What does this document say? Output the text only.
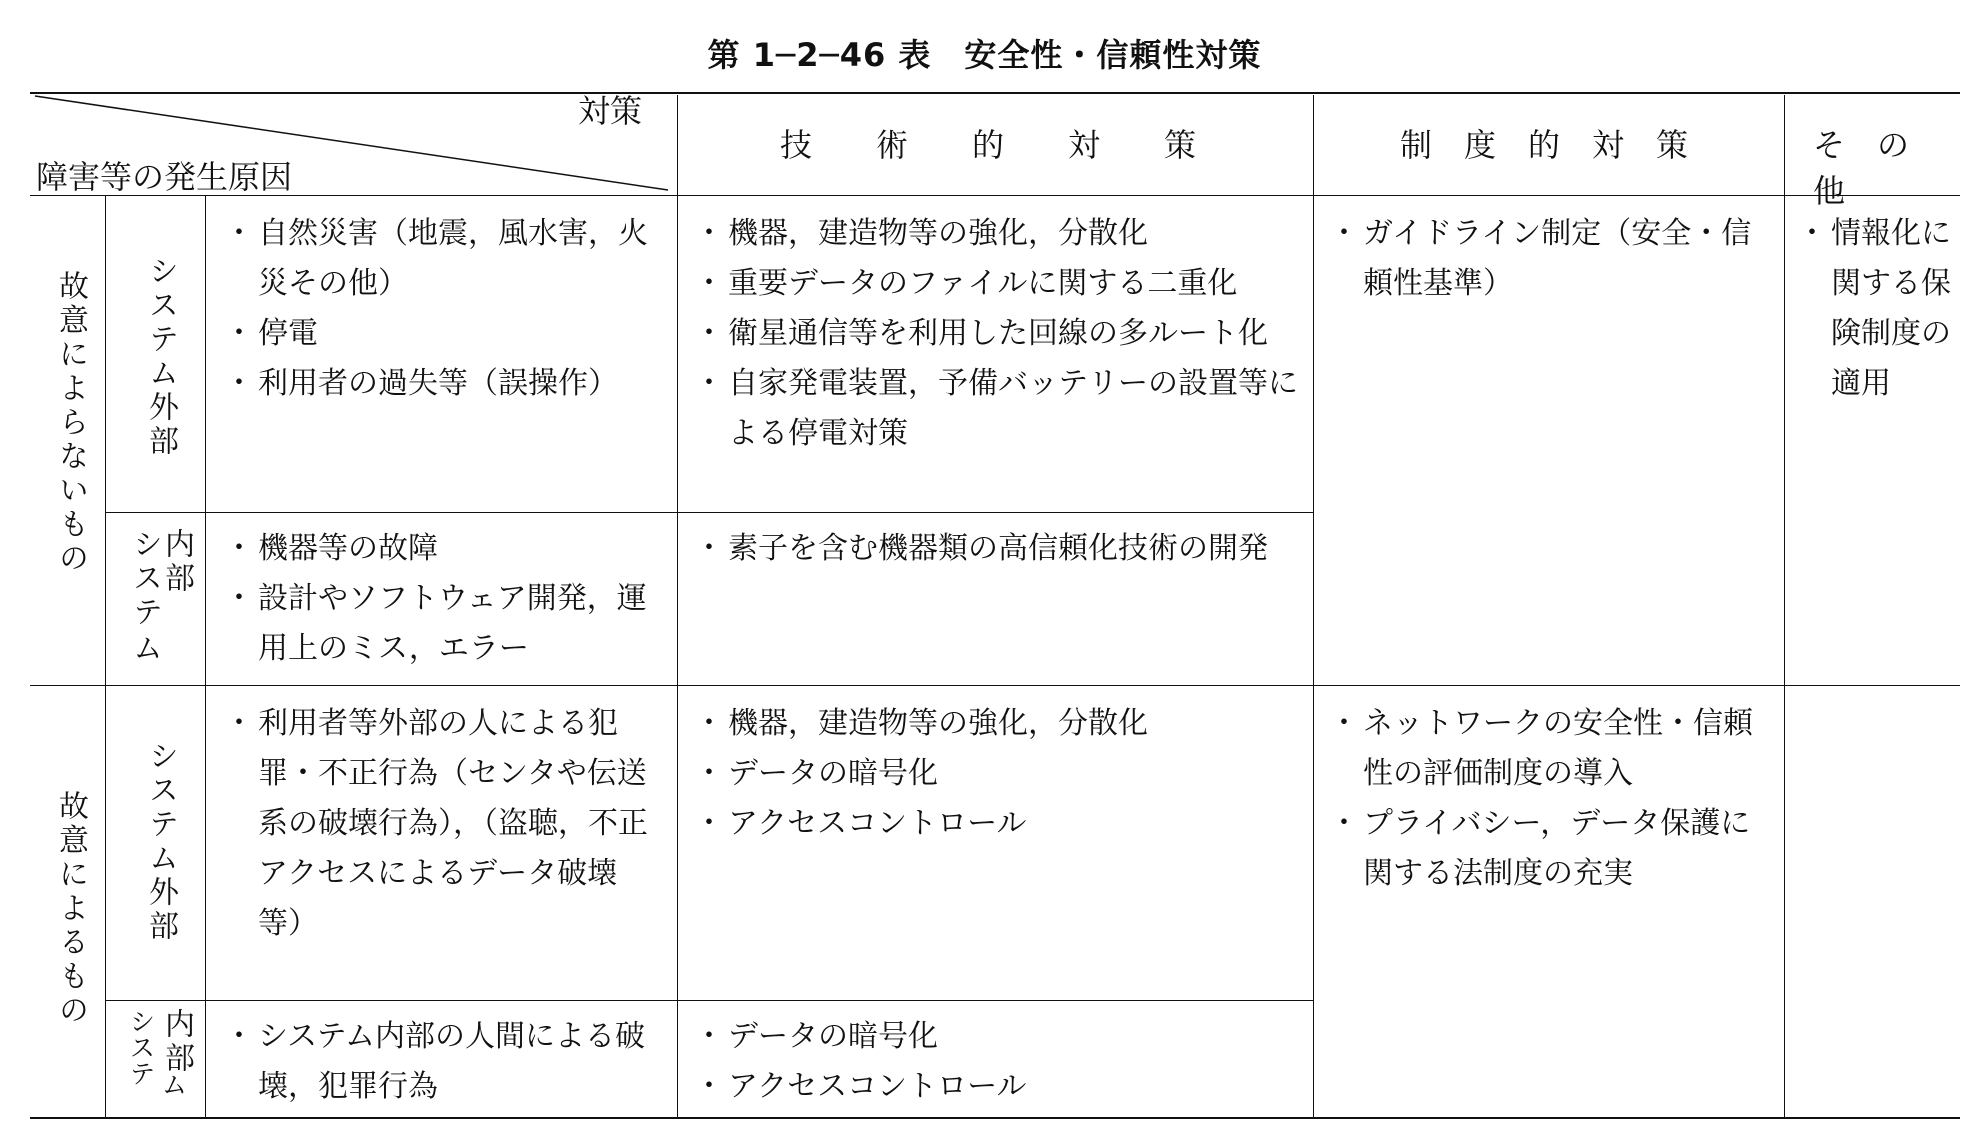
第 1─2─46 表　安全性・信頼性対策
対策
障害等の発生原因
技　　術　　的　　対　　策	制　度　的　対　策	そ　の　他
故意によらないもの システム外部
内部
システ
ム
・ 自然災害（地震，風水害，火災その他）
・ 停電
・ 利用者の過失等（誤操作）
・ 機器，建造物等の強化，分散化
・ 重要データのファイルに関する二重化
・ 衛星通信等を利用した回線の多ルート化
・ 自家発電装置，予備バッテリーの設置等による停電対策
・ 機器等の故障
・ 設計やソフトウェア開発，運用上のミス，エラー
・ 素子を含む機器類の高信頼化技術の開発
・ ガイドライン制定（安全・信頼性基準）
・ 情報化に関する保険制度の適用
故意によるもの システム外部
内部
システ ム
・ 利用者等外部の人による犯罪・不正行為（センタや伝送系の破壊行為），（盗聴，不正アクセスによるデータ破壊等）
・ 機器，建造物等の強化，分散化
・ データの暗号化
・ アクセスコントロール
・ システム内部の人間による破壊，犯罪行為
・ データの暗号化
・ アクセスコントロール
・ ネットワークの安全性・信頼性の評価制度の導入
・ プライバシー，データ保護に関する法制度の充実
